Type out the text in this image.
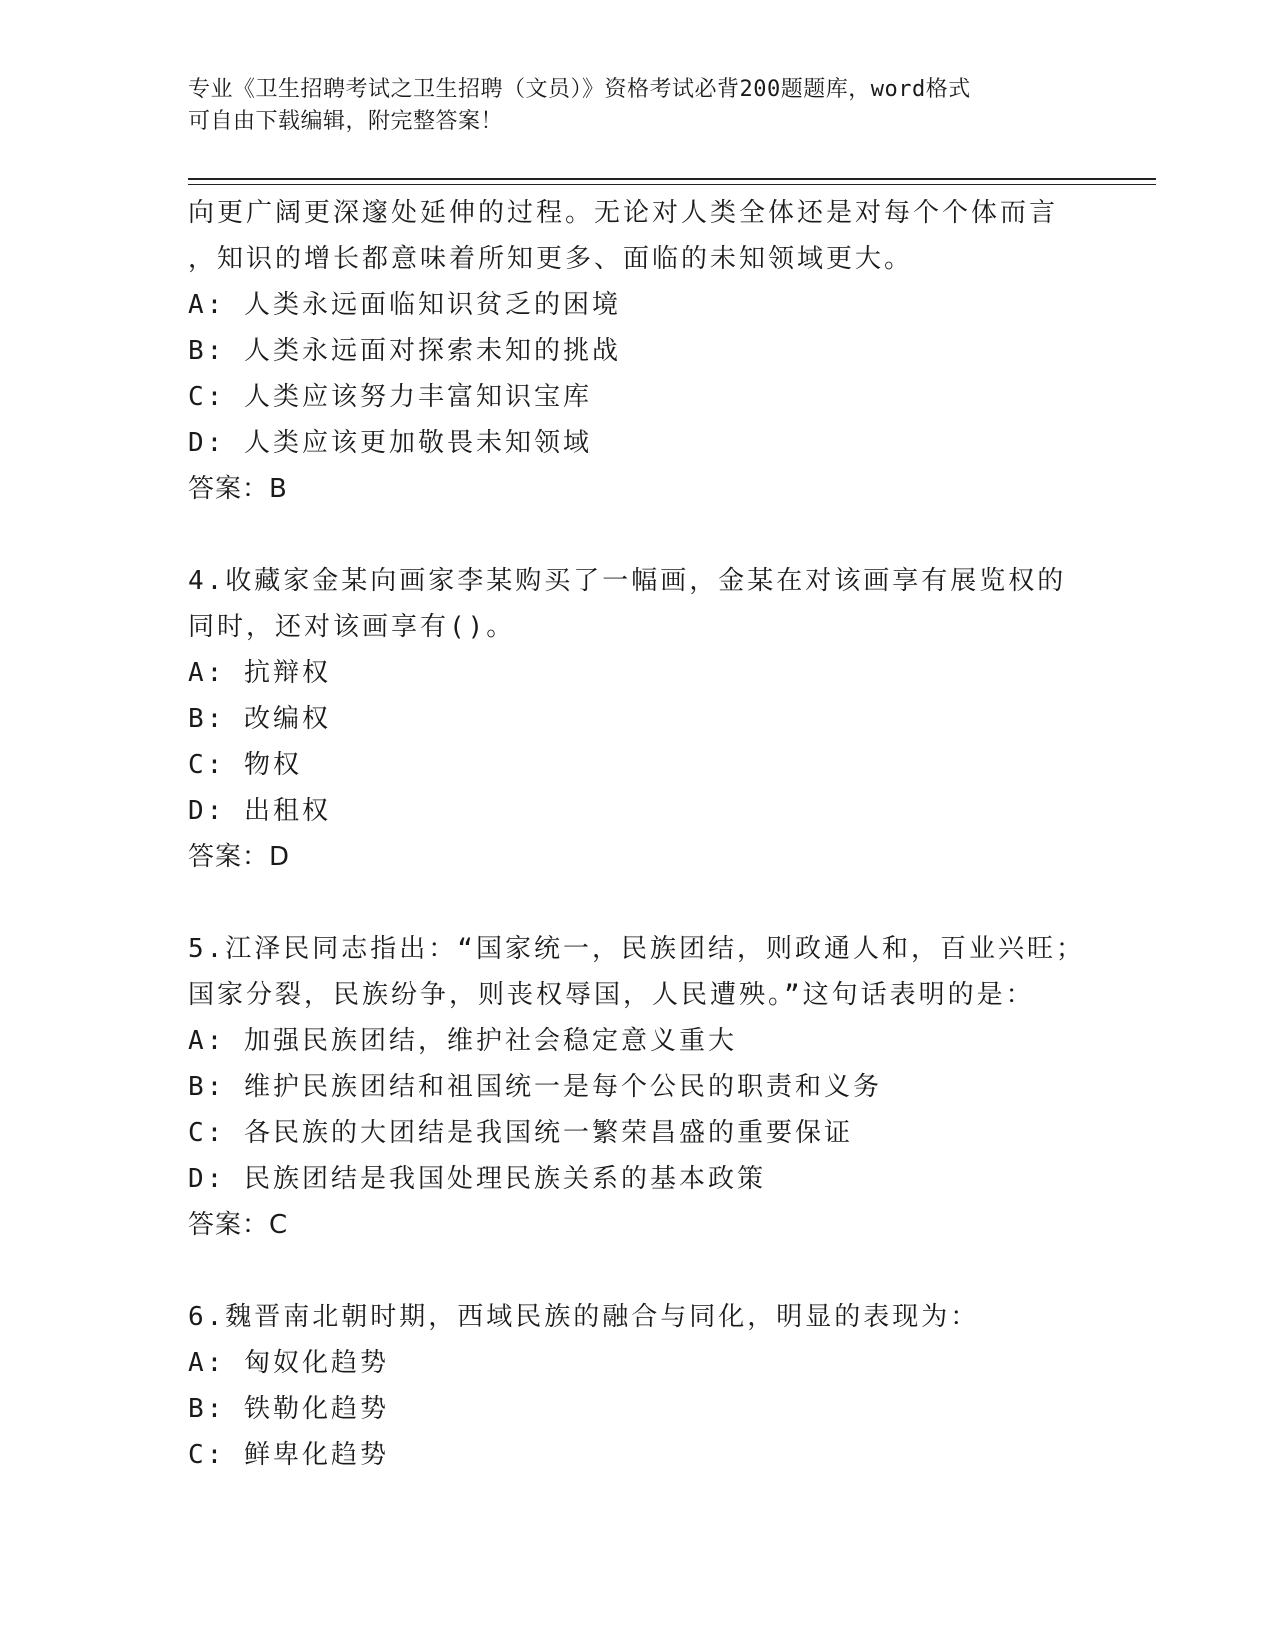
专业《卫生招聘考试之卫生招聘（文员）》资格考试必背200题题库，word格式
可自由下载编辑，附完整答案！
向更广阔更深邃处延伸的过程。无论对人类全体还是对每个个体而言
，知识的增长都意味着所知更多、面临的未知领域更大。
A: 人类永远面临知识贫乏的困境
B: 人类永远面对探索未知的挑战
C: 人类应该努力丰富知识宝库
D: 人类应该更加敬畏未知领域
答案：B
4.收藏家金某向画家李某购买了一幅画，金某在对该画享有展览权的
同时，还对该画享有()。
A: 抗辩权
B: 改编权
C: 物权
D: 出租权
答案：D
5.江泽民同志指出：“国家统一，民族团结，则政通人和，百业兴旺；
国家分裂，民族纷争，则丧权辱国，人民遭殃。”这句话表明的是：
A: 加强民族团结，维护社会稳定意义重大
B: 维护民族团结和祖国统一是每个公民的职责和义务
C: 各民族的大团结是我国统一繁荣昌盛的重要保证
D: 民族团结是我国处理民族关系的基本政策
答案：C
6.魏晋南北朝时期，西域民族的融合与同化，明显的表现为：
A: 匈奴化趋势
B: 铁勒化趋势
C: 鲜卑化趋势
